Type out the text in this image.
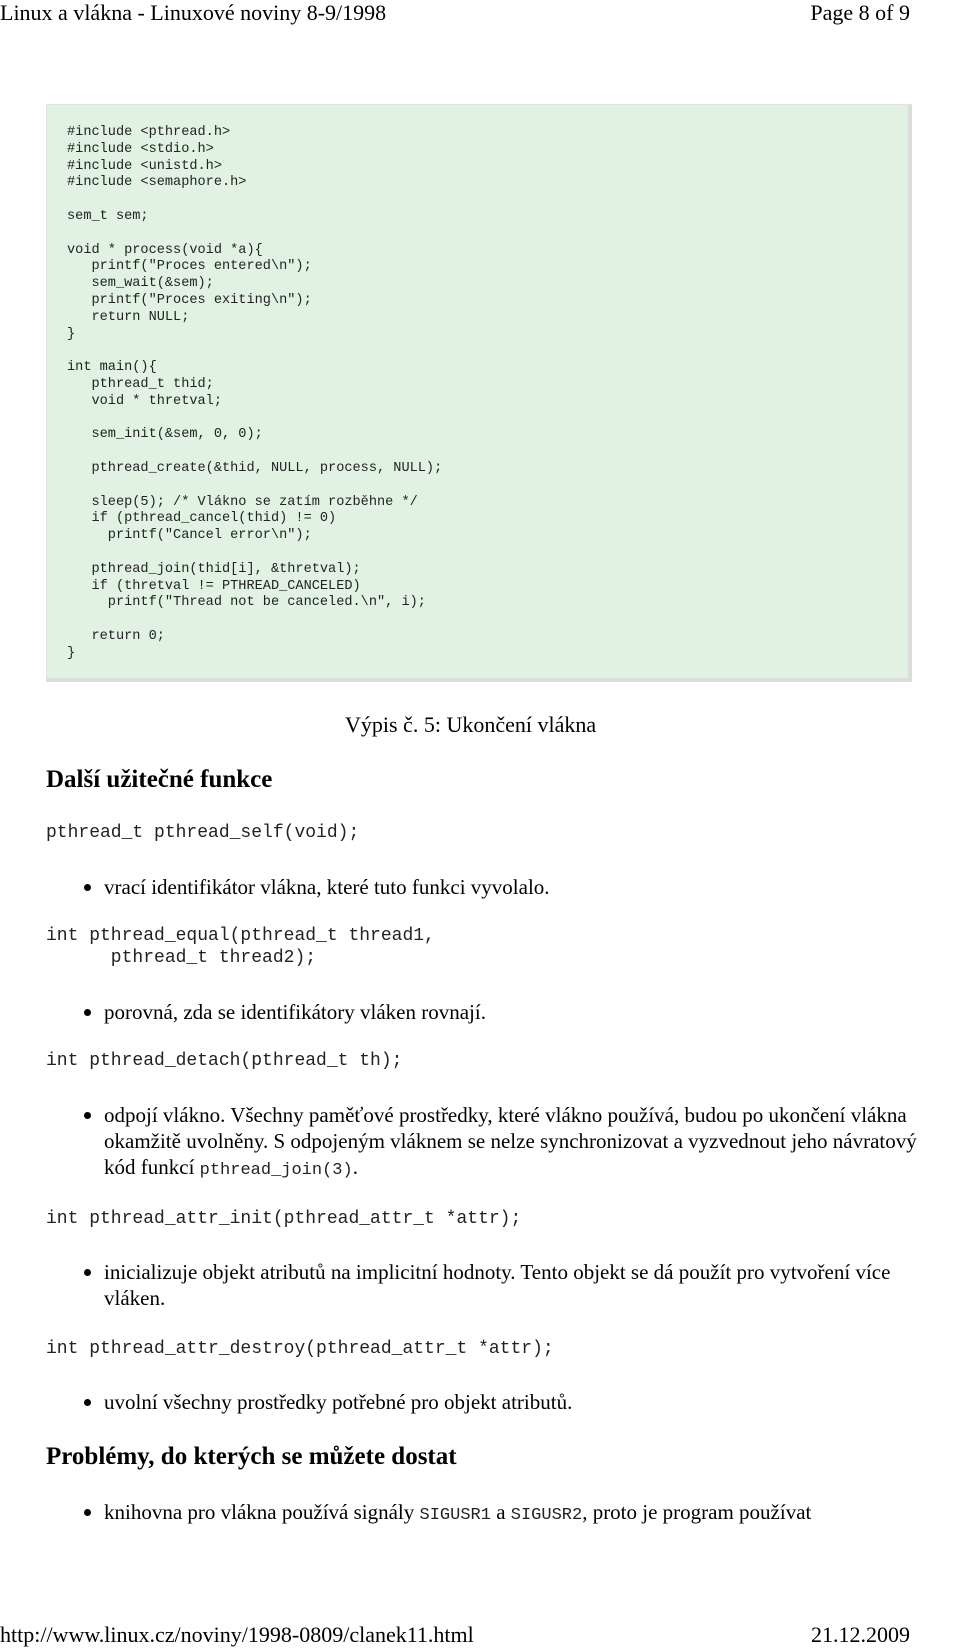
Linux a vlákna - Linuxové noviny 8-9/1998	Page 8 of 9
#include <pthread.h>
#include <stdio.h>
#include <unistd.h>
#include <semaphore.h>

sem_t sem;

void * process(void *a){
printf("Proces entered\n");
sem_wait(&sem);
printf("Proces exiting\n");
return NULL;
}

int main(){
pthread_t thid;
void * thretval;

sem_init(&sem, 0, 0);

pthread_create(&thid, NULL, process, NULL);

sleep(5); /* Vlákno se zatím rozběhne */
if (pthread_cancel(thid) != 0)
printf("Cancel error\n");

pthread_join(thid[i], &thretval);
if (thretval != PTHREAD_CANCELED)
printf("Thread not be canceled.\n", i);

return 0;
}
Výpis č. 5: Ukončení vlákna
Další užitečné funkce
pthread_t pthread_self(void);
vrací identifikátor vlákna, které tuto funkci vyvolalo.
int pthread_equal(pthread_t thread1,
pthread_t thread2);
porovná, zda se identifikátory vláken rovnají.
int pthread_detach(pthread_t th);
odpojí vlákno. Všechny paměťové prostředky, které vlákno používá, budou po ukončení vlákna okamžitě uvolněny. S odpojeným vláknem se nelze synchronizovat a vyzvednout jeho návratový kód funkcí pthread_join(3).
int pthread_attr_init(pthread_attr_t *attr);
inicializuje objekt atributů na implicitní hodnoty. Tento objekt se dá použít pro vytvoření více vláken.
int pthread_attr_destroy(pthread_attr_t *attr);
uvolní všechny prostředky potřebné pro objekt atributů.
Problémy, do kterých se můžete dostat
knihovna pro vlákna používá signály SIGUSR1 a SIGUSR2, proto je program používat
http://www.linux.cz/noviny/1998-0809/clanek11.html	21.12.2009
